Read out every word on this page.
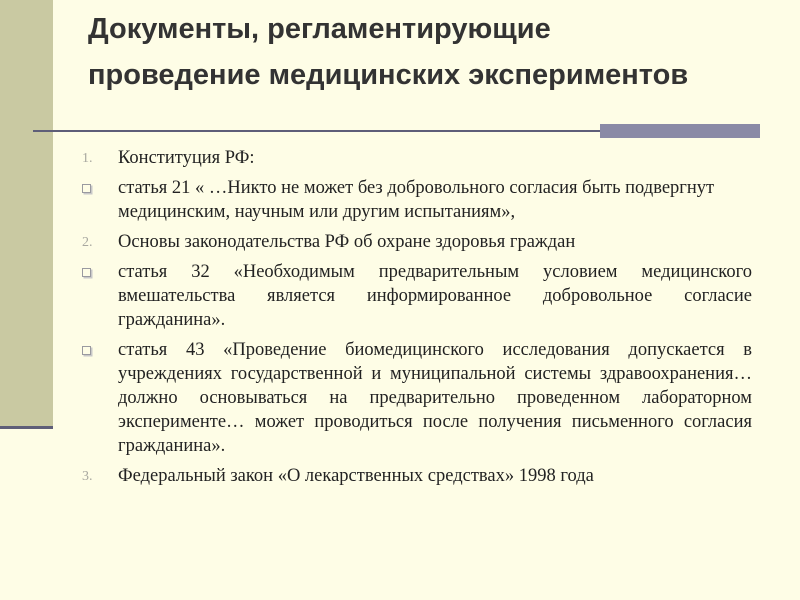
Документы, регламентирующие
проведение медицинских экспериментов
1.	Конституция РФ:
статья 21 « …Никто не может без добровольного согласия быть подвергнут медицинским, научным или другим испытаниям»,
2.	Основы законодательства РФ об охране здоровья граждан
статья 32 «Необходимым предварительным условием медицинского вмешательства является информированное добровольное согласие гражданина».
статья 43 «Проведение биомедицинского исследования допускается в учреждениях государственной и муниципальной системы здравоохранения… должно основываться на предварительно проведенном лабораторном эксперименте… может проводиться после получения письменного согласия гражданина».
3.	Федеральный закон «О лекарственных средствах» 1998 года
